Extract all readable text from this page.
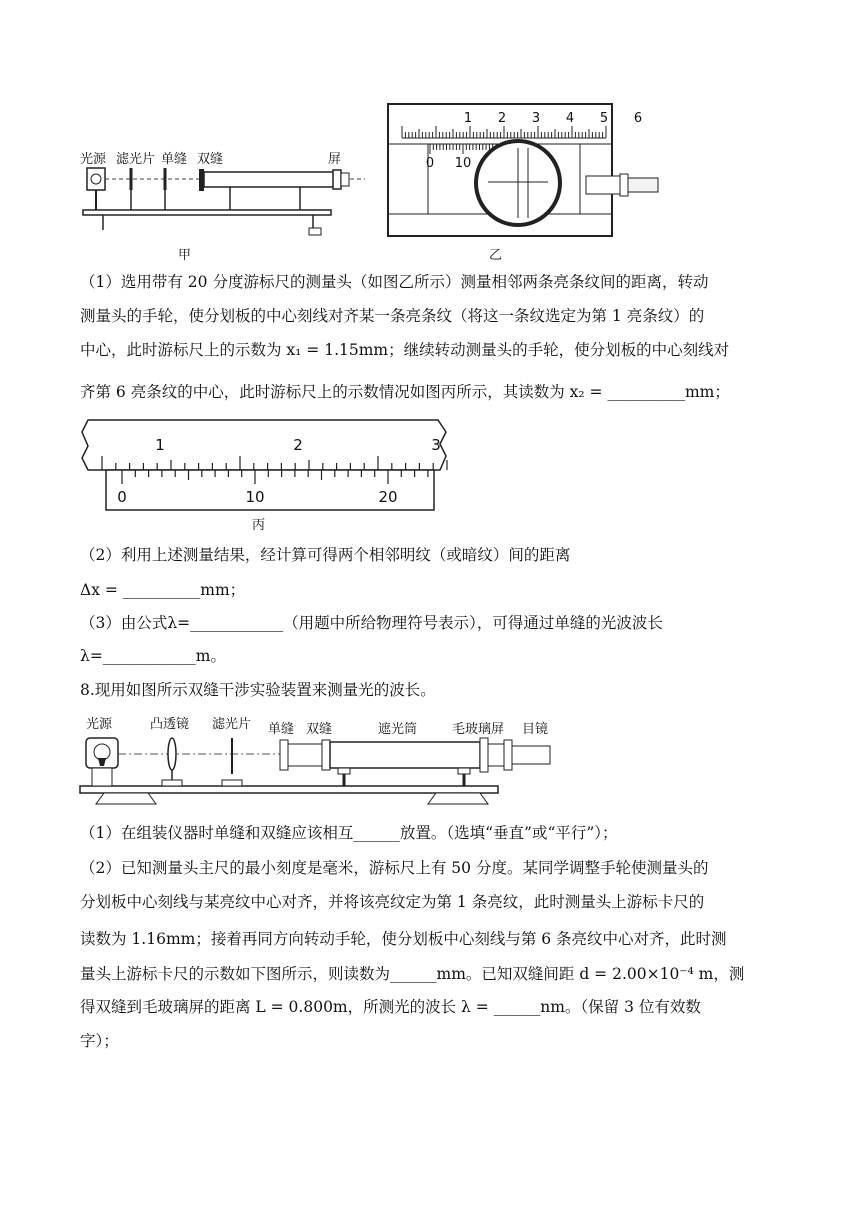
光源 滤光片 单缝 双缝	屏
甲
1 2 3 4 5 6
0 10
乙
（1）选用带有 20 分度游标尺的测量头（如图乙所示）测量相邻两条亮条纹间的距离，转动
测量头的手轮，使分划板的中心刻线对齐某一条亮条纹（将这一条纹选定为第 1 亮条纹）的
中心，此时游标尺上的示数为 x₁ = 1.15mm；继续转动测量头的手轮，使分划板的中心刻线对
齐第 6 亮条纹的中心，此时游标尺上的示数情况如图丙所示，其读数为 x₂ = __________mm；
1	2	3
0	10	20
丙
（2）利用上述测量结果，经计算可得两个相邻明纹（或暗纹）间的距离
Δx = __________mm；
（3）由公式λ=____________（用题中所给物理符号表示），可得通过单缝的光波波长
λ=____________m。
8.现用如图所示双缝干涉实验装置来测量光的波长。
光源	凸透镜 滤光片 单缝 双缝	遮光筒	毛玻璃屏 目镜
（1）在组装仪器时单缝和双缝应该相互______放置。（选填“垂直”或“平行”）；
（2）已知测量头主尺的最小刻度是毫米，游标尺上有 50 分度。某同学调整手轮使测量头的
分划板中心刻线与某亮纹中心对齐，并将该亮纹定为第 1 条亮纹，此时测量头上游标卡尺的
读数为 1.16mm；接着再同方向转动手轮，使分划板中心刻线与第 6 条亮纹中心对齐，此时测
量头上游标卡尺的示数如下图所示，则读数为______mm。已知双缝间距 d = 2.00×10⁻⁴ m，测
得双缝到毛玻璃屏的距离 L = 0.800m，所测光的波长 λ = ______nm。（保留 3 位有效数
字）；
